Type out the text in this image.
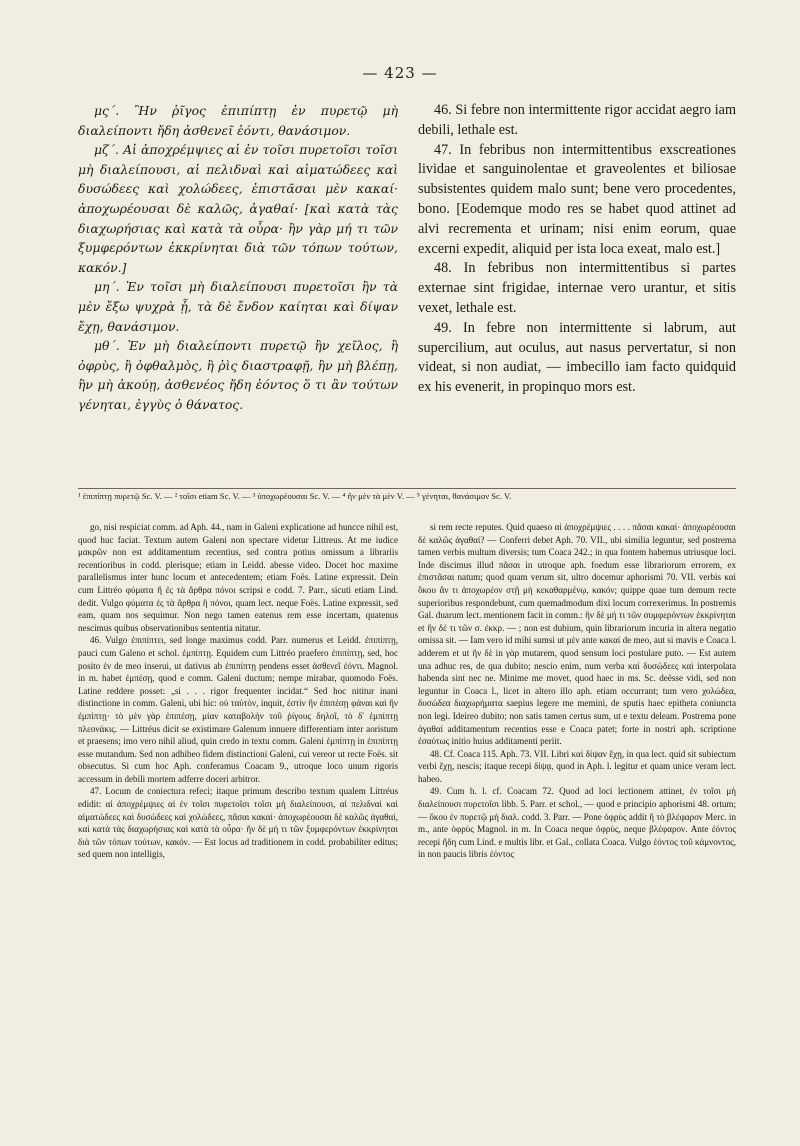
— 423 —

μς΄. Ἢν ῥῖγος ἐπιπίπτῃ ἐν πυρετῷ μὴ διαλείποντι ἤδη ἀσθενεῖ ἐόντι, θανάσιμον.

μζ΄. Αἱ ἀποχρέμψιες αἱ ἐν τοῖσι πυρετοῖσι τοῖσι μὴ διαλείπουσι, αἱ πελιδναὶ καὶ αἱματώδεες καὶ δυσώδεες καὶ χολώδεες, ἐπιστᾶσαι μὲν κακαί· ἀποχωρέουσαι δὲ καλῶς, ἀγαθαί· [καὶ κατὰ τὰς διαχωρήσιας καὶ κατὰ τὰ οὖρα· ἢν γὰρ μή τι τῶν ξυμφερόντων ἐκκρίνηται διὰ τῶν τόπων τούτων, κακόν.]

μη΄. Ἐν τοῖσι μὴ διαλείπουσι πυρετοῖσι ἢν τὰ μὲν ἔξω ψυχρὰ ᾖ, τὰ δὲ ἔνδον καίηται καὶ δίψαν ἔχῃ, θανάσιμον.

μθ΄. Ἐν μὴ διαλείποντι πυρετῷ ἢν χεῖλος, ἢ ὀφρὺς, ἢ ὀφθαλμὸς, ἢ ῥὶς διαστραφῇ, ἢν μὴ βλέπῃ, ἢν μὴ ἀκούῃ, ἀσθενέος ἤδη ἐόντος ὅ τι ἂν τούτων γένηται, ἐγγὺς ὁ θάνατος.

46. Si febre non intermittente rigor accidat aegro iam debili, lethale est.

47. In febribus non intermittentibus exscreationes lividae et sanguinolentae et graveolentes et biliosae subsistentes quidem malo sunt; bene vero procedentes, bono. [Eodemque modo res se habet quod attinet ad alvi recrementa et urinam; nisi enim eorum, quae excerni expedit, aliquid per ista loca exeat, malo est.]

48. In febribus non intermittentibus si partes externae sint frigidae, internae vero urantur, et sitis vexet, lethale est.

49. In febre non intermittente si labrum, aut supercilium, aut oculus, aut nasus pervertatur, si non videat, si non audiat, — imbecillo iam facto quidquid ex his evenerit, in propinquo mors est.

¹ ἐπιπίπτῃ πυρετῷ Sc. V. — ² τοῖσι etiam Sc. V. — ³ ὑποχωρέουσαι Sc. V. — ⁴ ἢν μὲν τὰ μὲν V. — ⁵ γένηται, θανάσιμον Sc. V.

go, nisi respiciat comm. ad Aph. 44., nam in Galeni explicatione ad huncce nihil est, quod huc faciat. Textum autem Galeni non spectare videtur Littreus. At me iudice μακρῶν non est additamentum recentius, sed contra potius omissum a librariis recentioribus in codd. plerisque; etiam in Leidd. abesse video. Docet hoc maxime parallelismus inter hunc locum et antecedentem; etiam Foës. Latine expressit. Dein cum Littréo φύματα ἢ ἐς τὰ ἄρθρα πόνοι scripsi e codd. 7. Parr., sicuti etiam Lind. dedit. Vulgo φύματα ἐς τὰ ἄρθρα ἢ πόνοι, quam lect. neque Foës. Latine expressit, sed eam, quam nos sequimur. Non nego tamen eatenus rem esse incertam, quatenus nescimus quibus observationibus sententia nitatur.

46. Vulgo ἐπιπίπτει, sed longe maximus codd. Parr. numerus et Leidd. ἐπιπίπτῃ, pauci cum Galeno et schol. ἐμπίπτῃ. Equidem cum Littréo praefero ἐπιπίπτῃ, sed, hoc posito ἐν de meo inserui, ut dativus ab ἐπιπίπτῃ pendens esset ἀσθενεῖ ἐόντι. Magnol. in m. habet ἐμπέσῃ, quod e comm. Galeni ductum; nempe mirabar, quomodo Foës. Latine reddere posset: „si . . . rigor frequenter incidat.“ Sed hoc nititur inani distinctione in comm. Galeni, ubi hic: οὐ ταὐτὸν, inquit, ἐστὶν ἢν ἐπιπέσῃ φάναι καὶ ἢν ἐμπίπτῃ· τὸ μὲν γὰρ ἐπιπέσῃ, μίαν καταβολὴν τοῦ ῥίγους δηλοῖ, τὸ δ' ἐμπίπτῃ πλεονάκις. — Littréus dicit se existimare Galenum innuere differentiam inter aoristum et praesens; imo vero nihil aliud, quin credo in textu comm. Galeni ἐμπίπτῃ in ἐπιπίπτῃ esse mutandum. Sed non adhibeo fidem distinctioni Galeni, cui vereor ut recte Foës. sit obsecutus. Si cum hoc Aph. conferamus Coacam 9., utroque loco unum rigoris accessum in debili mortem adferre doceri arbitror.

47. Locum de coniectura refeci; itaque primum describo textum qualem Littréus edidit: αἱ ἀποχρέμψιες αἱ ἐν τοῖσι πυρετοῖσι τοῖσι μὴ διαλείπουσι, αἱ πελιδναὶ καὶ αἱματώδεες καὶ δυσώδεες καὶ χολώδεες, πᾶσαι κακαί· ἀποχωρέουσαι δὲ καλῶς ἀγαθαί, καὶ κατὰ τὰς διαχωρήσιας καὶ κατὰ τὰ οὖρα· ἢν δὲ μή τι τῶν ξυμφερόντων ἐκκρίνηται διὰ τῶν τόπων τούτων, κακόν. — Est locus ad traditionem in codd. probabiliter editus; sed quem non intelligis,

si rem recte reputes. Quid quaeso αἱ ἀποχρέμψιες . . . . πᾶσαι κακαί· ἀποχωρέουσαι δὲ καλῶς ἀγαθαί? — Conferri debet Aph. 70. VII., ubi similia leguntur, sed postrema tamen verbis multum diversis; tum Coaca 242.; in qua fontem habemus utriusque loci. Inde discimus illud πᾶσαι in utroque aph. foedum esse librariorum errorem, ex ἐπιστᾶσαι natum; quod quam verum sit, ultro docemur aphorismi 70. VII. verbis καὶ ὅκου ἄν τι ἀποχωρέον στῇ μὴ κεκαθαρμένῳ, κακόν; quippe quae tum demum recte superioribus respondebunt, cum quemadmodum dixi locum correxerimus. In postremis Gal. duarum lect. mentionem facit in comm.: ἢν δὲ μή τι τῶν συμφερόντων ἐκκρίνηται et ἢν δέ τι τῶν σ. ἐκκρ. — ; non est dubium, quin librariorum incuria in altera negatio omissa sit. — Iam vero id mihi sumsi ut μὲν ante κακαί de meo, aut si mavis e Coaca l. adderem et ut ἢν δὲ in γὰρ mutarem, quod sensum loci postulare puto. — Est autem una adhuc res, de qua dubito; nescio enim, num verba καὶ δυσώδεες καὶ interpolata habenda sint nec ne. Minime me movet, quod haec in ms. Sc. deësse vidi, sed non leguntur in Coaca l., licet in altero illo aph. etiam occurrant; tum vero χολώδεα, δυσώδεα διαχωρήματα saepius legere me memini, de sputis haec epitheta coniuncta non legi. Ideireo dubito; non satis tamen certus sum, ut e textu deleam. Postrema pone ἀγαθαί additamentum recentius esse e Coaca patet; forte in nostri aph. scriptione ἐσαύτως initio huius additamenti periit.

48. Cf. Coaca 115. Aph. 73. VII. Libri καὶ δίψαν ἔχῃ, in qua lect. quid sit subiectum verbi ἔχῃ, nescis; itaque recepi δίψᾳ, quod in Aph. l. legitur et quam unice veram lect. habeo.

49. Cum h. l. cf. Coacam 72. Quod ad loci lectionem attinet, ἐν τοῖσι μὴ διαλείπουσι πυρετοῖσι libb. 5. Parr. et schol., — quod e principio aphorismi 48. ortum; — ὅκου ἐν πυρετῷ μὴ διαλ. codd. 3. Parr. — Pone ὀφρὺς addit ἢ τὸ βλέφαρον Merc. in m., ante ὀφρὺς Magnol. in m. In Coaca neque ὀφρὺς, neque βλέφαρον. Ante ἐόντος recepi ἤδη cum Lind. e multis libr. et Gal., collata Coaca. Vulgo ἐόντος τοῦ κάμνοντος, in non paucis libris ἐόντος
